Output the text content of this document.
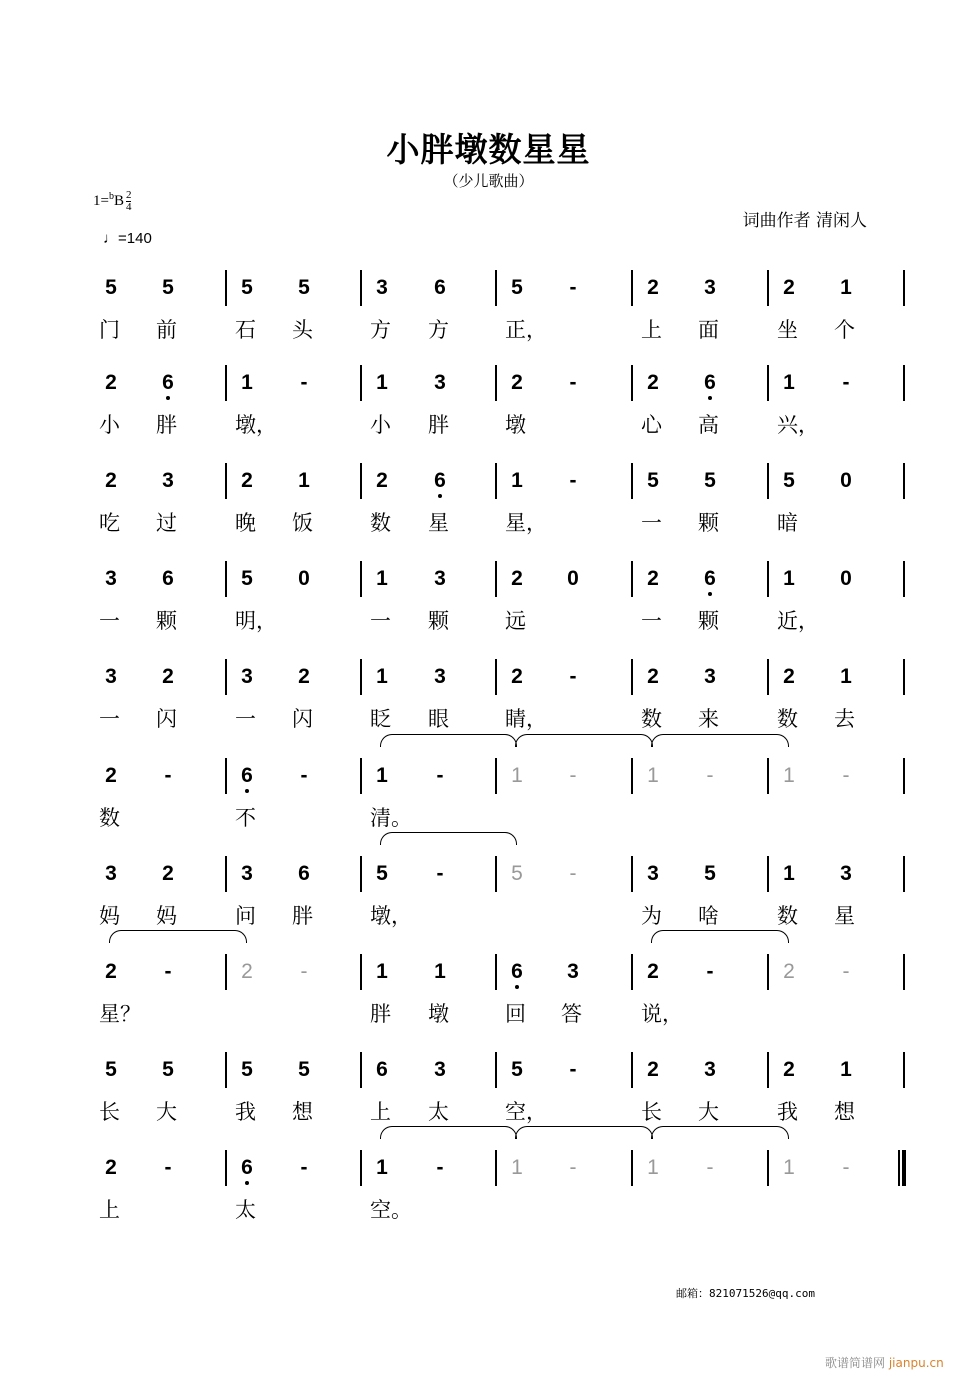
小胖墩数星星
（少儿歌曲）
$1=^bB \frac{2}{4}$
♩=140
词曲作者 清闲人
5	5	5	5	3	6	5	-	2	3	2	1
门	前	石	头	方	方	正，	上	面	坐	个
2	6	1	-	1	3	2	-	2	6	1	-
小	胖	墩，	小	胖	墩	心	高	兴，
2	3	2	1	2	6	1	-	5	5	5	0
吃	过	晚	饭	数	星	星，	一	颗	暗
3	6	5	0	1	3	2	0	2	6	1	0
一	颗	明，	一	颗	远	一	颗	近，
3	2	3	2	1	3	2	-	2	3	2	1
一	闪	一	闪	眨	眼	睛，	数	来	数	去
2	-	6	-	1	-	1	-	1	-	1	-
数	不	清。
3	2	3	6	5	-	5	-	3	5	1	3
妈	妈	问	胖	墩，	为	啥	数	星
2	-	2	-	1	1	6	3	2	-	2	-
星？	胖	墩	回	答	说，
5	5	5	5	6	3	5	-	2	3	2	1
长	大	我	想	上	太	空，	长	大	我	想
2	-	6	-	1	-	1	-	1	-	1	-
上	太	空。
邮箱：821071526@qq.com
歌谱简谱网 jianpu.cn
